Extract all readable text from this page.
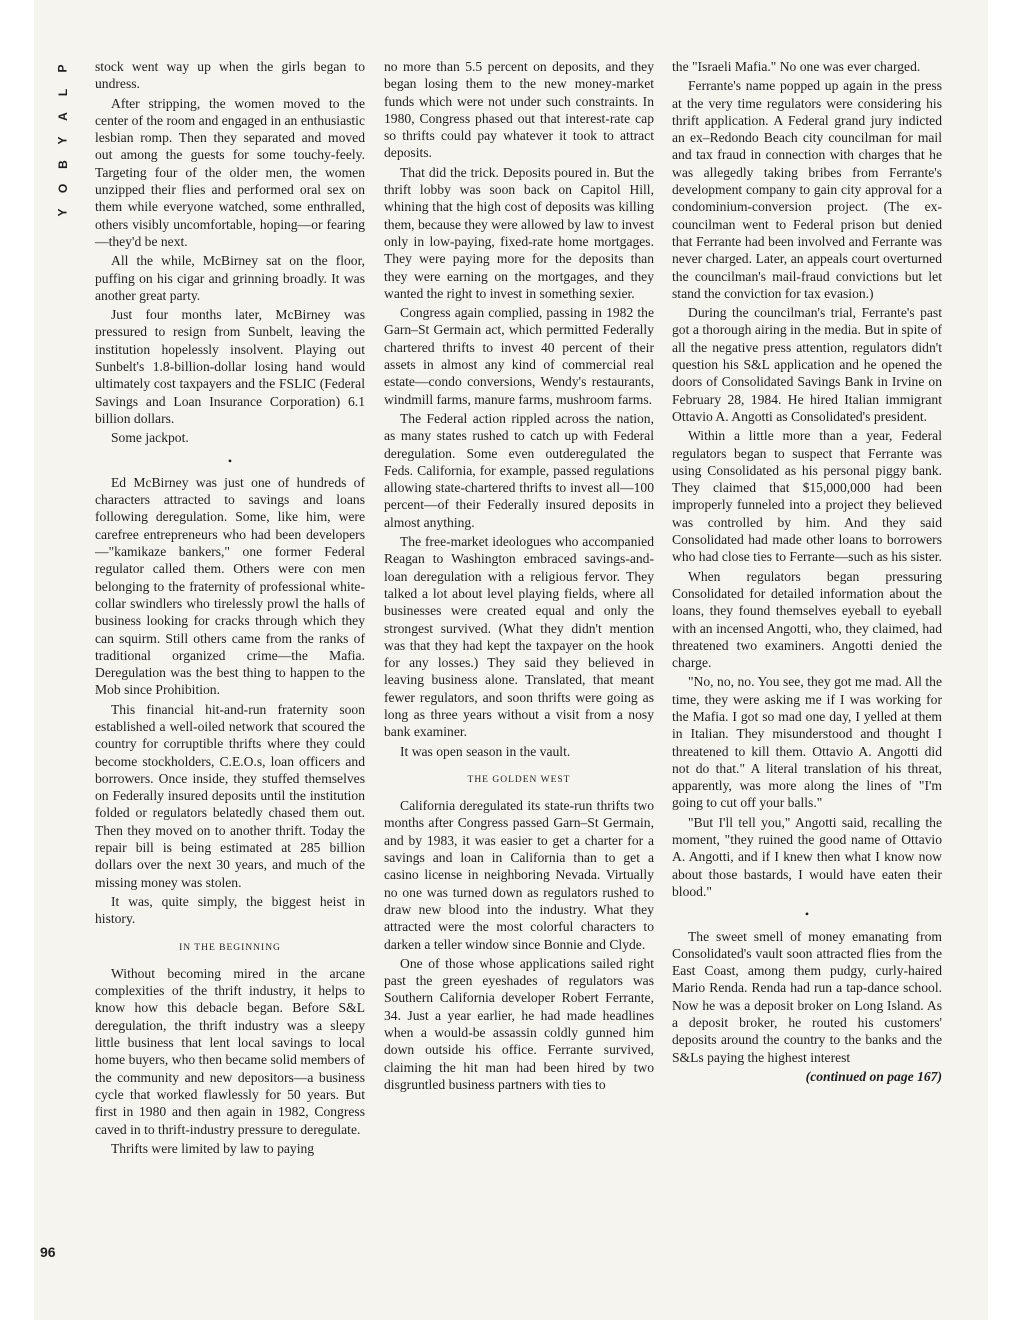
P
L
A
Y
B
O
Y

stock went way up when the girls began to undress.

After stripping, the women moved to the center of the room and engaged in an enthusiastic lesbian romp. Then they separated and moved out among the guests for some touchy-feely. Targeting four of the older men, the women unzipped their flies and performed oral sex on them while everyone watched, some enthralled, others visibly uncomfortable, hoping—or fearing—they'd be next.

All the while, McBirney sat on the floor, puffing on his cigar and grinning broadly. It was another great party.

Just four months later, McBirney was pressured to resign from Sunbelt, leaving the institution hopelessly insolvent. Playing out Sunbelt's 1.8-billion-dollar losing hand would ultimately cost taxpayers and the FSLIC (Federal Savings and Loan Insurance Corporation) 6.1 billion dollars.

Some jackpot.

•

Ed McBirney was just one of hundreds of characters attracted to savings and loans following deregulation. Some, like him, were carefree entrepreneurs who had been developers—"kamikaze bankers," one former Federal regulator called them. Others were con men belonging to the fraternity of professional white-collar swindlers who tirelessly prowl the halls of business looking for cracks through which they can squirm. Still others came from the ranks of traditional organized crime—the Mafia. Deregulation was the best thing to happen to the Mob since Prohibition.

This financial hit-and-run fraternity soon established a well-oiled network that scoured the country for corruptible thrifts where they could become stockholders, C.E.O.s, loan officers and borrowers. Once inside, they stuffed themselves on Federally insured deposits until the institution folded or regulators belatedly chased them out. Then they moved on to another thrift. Today the repair bill is being estimated at 285 billion dollars over the next 30 years, and much of the missing money was stolen.

It was, quite simply, the biggest heist in history.

IN THE BEGINNING

Without becoming mired in the arcane complexities of the thrift industry, it helps to know how this debacle began. Before S&L deregulation, the thrift industry was a sleepy little business that lent local savings to local home buyers, who then became solid members of the community and new depositors—a business cycle that worked flawlessly for 50 years. But first in 1980 and then again in 1982, Congress caved in to thrift-industry pressure to deregulate.

Thrifts were limited by law to paying

no more than 5.5 percent on deposits, and they began losing them to the new money-market funds which were not under such constraints. In 1980, Congress phased out that interest-rate cap so thrifts could pay whatever it took to attract deposits.

That did the trick. Deposits poured in. But the thrift lobby was soon back on Capitol Hill, whining that the high cost of deposits was killing them, because they were allowed by law to invest only in low-paying, fixed-rate home mortgages. They were paying more for the deposits than they were earning on the mortgages, and they wanted the right to invest in something sexier.

Congress again complied, passing in 1982 the Garn–St Germain act, which permitted Federally chartered thrifts to invest 40 percent of their assets in almost any kind of commercial real estate—condo conversions, Wendy's restaurants, windmill farms, manure farms, mushroom farms.

The Federal action rippled across the nation, as many states rushed to catch up with Federal deregulation. Some even outderegulated the Feds. California, for example, passed regulations allowing state-chartered thrifts to invest all—100 percent—of their Federally insured deposits in almost anything.

The free-market ideologues who accompanied Reagan to Washington embraced savings-and-loan deregulation with a religious fervor. They talked a lot about level playing fields, where all businesses were created equal and only the strongest survived. (What they didn't mention was that they had kept the taxpayer on the hook for any losses.) They said they believed in leaving business alone. Translated, that meant fewer regulators, and soon thrifts were going as long as three years without a visit from a nosy bank examiner.

It was open season in the vault.

THE GOLDEN WEST

California deregulated its state-run thrifts two months after Congress passed Garn–St Germain, and by 1983, it was easier to get a charter for a savings and loan in California than to get a casino license in neighboring Nevada. Virtually no one was turned down as regulators rushed to draw new blood into the industry. What they attracted were the most colorful characters to darken a teller window since Bonnie and Clyde.

One of those whose applications sailed right past the green eyeshades of regulators was Southern California developer Robert Ferrante, 34. Just a year earlier, he had made headlines when a would-be assassin coldly gunned him down outside his office. Ferrante survived, claiming the hit man had been hired by two disgruntled business partners with ties to

the "Israeli Mafia." No one was ever charged.

Ferrante's name popped up again in the press at the very time regulators were considering his thrift application. A Federal grand jury indicted an ex–Redondo Beach city councilman for mail and tax fraud in connection with charges that he was allegedly taking bribes from Ferrante's development company to gain city approval for a condominium-conversion project. (The ex-councilman went to Federal prison but denied that Ferrante had been involved and Ferrante was never charged. Later, an appeals court overturned the councilman's mail-fraud convictions but let stand the conviction for tax evasion.)

During the councilman's trial, Ferrante's past got a thorough airing in the media. But in spite of all the negative press attention, regulators didn't question his S&L application and he opened the doors of Consolidated Savings Bank in Irvine on February 28, 1984. He hired Italian immigrant Ottavio A. Angotti as Consolidated's president.

Within a little more than a year, Federal regulators began to suspect that Ferrante was using Consolidated as his personal piggy bank. They claimed that $15,000,000 had been improperly funneled into a project they believed was controlled by him. And they said Consolidated had made other loans to borrowers who had close ties to Ferrante—such as his sister.

When regulators began pressuring Consolidated for detailed information about the loans, they found themselves eyeball to eyeball with an incensed Angotti, who, they claimed, had threatened two examiners. Angotti denied the charge.

"No, no, no. You see, they got me mad. All the time, they were asking me if I was working for the Mafia. I got so mad one day, I yelled at them in Italian. They misunderstood and thought I threatened to kill them. Ottavio A. Angotti did not do that." A literal translation of his threat, apparently, was more along the lines of "I'm going to cut off your balls."

"But I'll tell you," Angotti said, recalling the moment, "they ruined the good name of Ottavio A. Angotti, and if I knew then what I know now about those bastards, I would have eaten their blood."

•

The sweet smell of money emanating from Consolidated's vault soon attracted flies from the East Coast, among them pudgy, curly-haired Mario Renda. Renda had run a tap-dance school. Now he was a deposit broker on Long Island. As a deposit broker, he routed his customers' deposits around the country to the banks and the S&Ls paying the highest interest

(continued on page 167)

96
